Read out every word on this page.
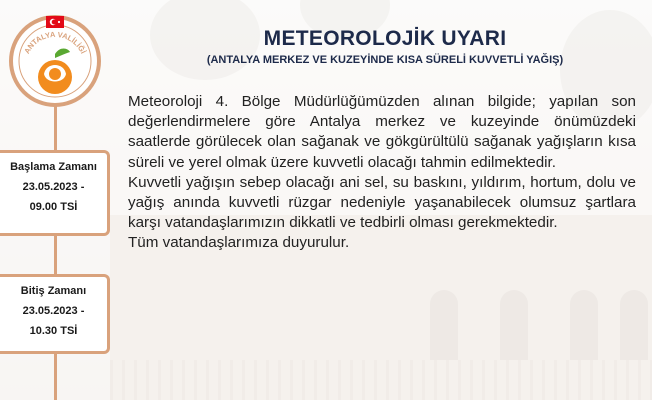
ANTALYA VALİLİĞİ
Başlama Zamanı
23.05.2023 -
09.00 TSİ
Bitiş Zamanı
23.05.2023 -
10.30 TSİ
METEOROLOJİK UYARI
(ANTALYA MERKEZ VE KUZEYİNDE KISA SÜRELİ KUVVETLİ YAĞIŞ)

Meteoroloji 4. Bölge Müdürlüğümüzden alınan bilgide; yapılan son değerlendirmelere göre Antalya merkez ve kuzeyinde önümüzdeki saatlerde görülecek olan sağanak ve gökgürültülü sağanak yağışların kısa süreli ve yerel olmak üzere kuvvetli olacağı tahmin edilmektedir.

Kuvvetli yağışın sebep olacağı ani sel, su baskını, yıldırım, hortum, dolu ve yağış anında kuvvetli rüzgar nedeniyle yaşanabilecek olumsuz şartlara karşı vatandaşlarımızın dikkatli ve tedbirli olması gerekmektedir.

Tüm vatandaşlarımıza duyurulur.
